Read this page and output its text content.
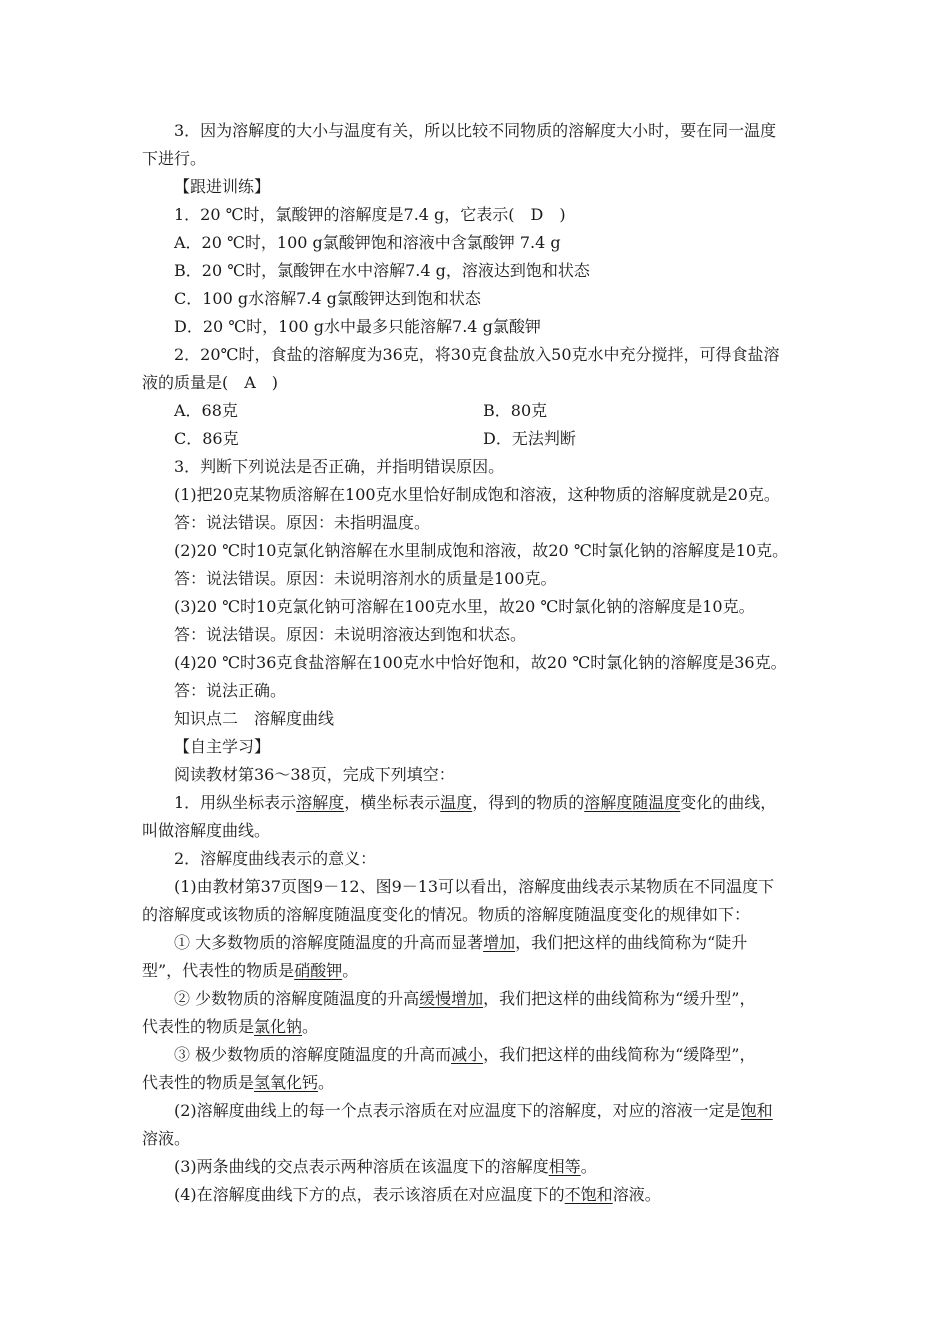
3．因为溶解度的大小与温度有关，所以比较不同物质的溶解度大小时，要在同一温度
下进行。
【跟进训练】
1．20 ℃时，氯酸钾的溶解度是7.4 g，它表示(　D　)
A．20 ℃时，100 g氯酸钾饱和溶液中含氯酸钾 7.4 g
B．20 ℃时，氯酸钾在水中溶解7.4 g，溶液达到饱和状态
C．100 g水溶解7.4 g氯酸钾达到饱和状态
D．20 ℃时，100 g水中最多只能溶解7.4 g氯酸钾
2．20℃时，食盐的溶解度为36克，将30克食盐放入50克水中充分搅拌，可得食盐溶
液的质量是(　A　)
A．68克	B．80克
C．86克	D．无法判断
3．判断下列说法是否正确，并指明错误原因。
(1)把20克某物质溶解在100克水里恰好制成饱和溶液，这种物质的溶解度就是20克。
答：说法错误。原因：未指明温度。
(2)20 ℃时10克氯化钠溶解在水里制成饱和溶液，故20 ℃时氯化钠的溶解度是10克。
答：说法错误。原因：未说明溶剂水的质量是100克。
(3)20 ℃时10克氯化钠可溶解在100克水里，故20 ℃时氯化钠的溶解度是10克。
答：说法错误。原因：未说明溶液达到饱和状态。
(4)20 ℃时36克食盐溶解在100克水中恰好饱和，故20 ℃时氯化钠的溶解度是36克。
答：说法正确。
知识点二　溶解度曲线
【自主学习】
阅读教材第36～38页，完成下列填空：
1．用纵坐标表示溶解度，横坐标表示温度，得到的物质的溶解度随温度变化的曲线，
叫做溶解度曲线。
2．溶解度曲线表示的意义：
(1)由教材第37页图9－12、图9－13可以看出，溶解度曲线表示某物质在不同温度下
的溶解度或该物质的溶解度随温度变化的情况。物质的溶解度随温度变化的规律如下：
① 大多数物质的溶解度随温度的升高而显著增加，我们把这样的曲线简称为“陡升
型”，代表性的物质是硝酸钾。
② 少数物质的溶解度随温度的升高缓慢增加，我们把这样的曲线简称为“缓升型”，
代表性的物质是氯化钠。
③ 极少数物质的溶解度随温度的升高而减小，我们把这样的曲线简称为“缓降型”，
代表性的物质是氢氧化钙。
(2)溶解度曲线上的每一个点表示溶质在对应温度下的溶解度，对应的溶液一定是饱和
溶液。
(3)两条曲线的交点表示两种溶质在该温度下的溶解度相等。
(4)在溶解度曲线下方的点，表示该溶质在对应温度下的不饱和溶液。
